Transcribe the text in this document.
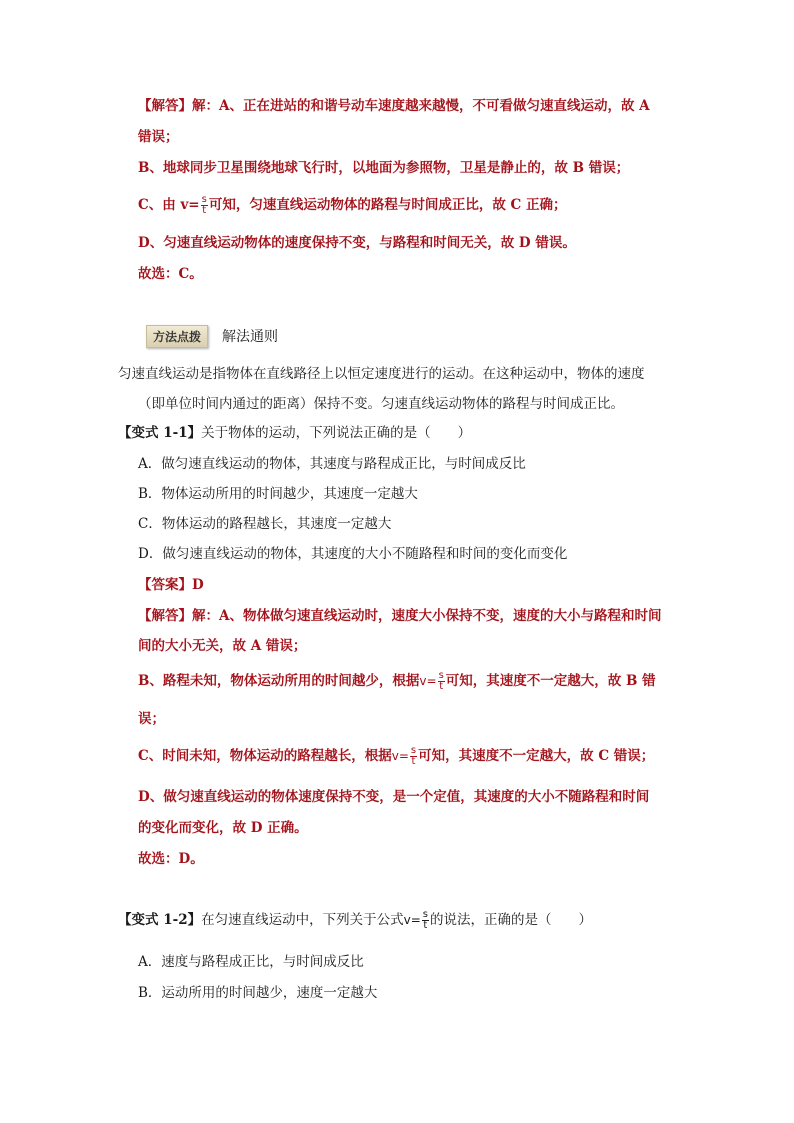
【解答】解：A、正在进站的和谐号动车速度越来越慢，不可看做匀速直线运动，故 A
错误；
B、地球同步卫星围绕地球飞行时，以地面为参照物，卫星是静止的，故 B 错误；
C、由 $v= \frac{s}{t}$ 可知，匀速直线运动物体的路程与时间成正比，故 C 正确；
D、匀速直线运动物体的速度保持不变，与路程和时间无关，故 D 错误。
故选：C。
方法点拨	解法通则
匀速直线运动是指物体在直线路径上以恒定速度进行的运动。在这种运动中，物体的速度
（即单位时间内通过的距离）保持不变。匀速直线运动物体的路程与时间成正比。
【变式 1-1】关于物体的运动，下列说法正确的是（　　）
A．做匀速直线运动的物体，其速度与路程成正比，与时间成反比
B．物体运动所用的时间越少，其速度一定越大
C．物体运动的路程越长，其速度一定越大
D．做匀速直线运动的物体，其速度的大小不随路程和时间的变化而变化
【答案】D
【解答】解：A、物体做匀速直线运动时，速度大小保持不变，速度的大小与路程和时间
间的大小无关，故 A 错误；
B、路程未知，物体运动所用的时间越少，根据$v= \frac{s}{t}$ 可知，其速度不一定越大，故 B 错
误；
C、时间未知，物体运动的路程越长，根据$v= \frac{s}{t}$ 可知，其速度不一定越大，故 C 错误；
D、做匀速直线运动的物体速度保持不变，是一个定值，其速度的大小不随路程和时间
的变化而变化，故 D 正确。
故选：D。
【变式 1-2】在匀速直线运动中，下列关于公式$v= \frac{s}{t}$ 的说法，正确的是（　　）
A．速度与路程成正比，与时间成反比
B．运动所用的时间越少，速度一定越大
